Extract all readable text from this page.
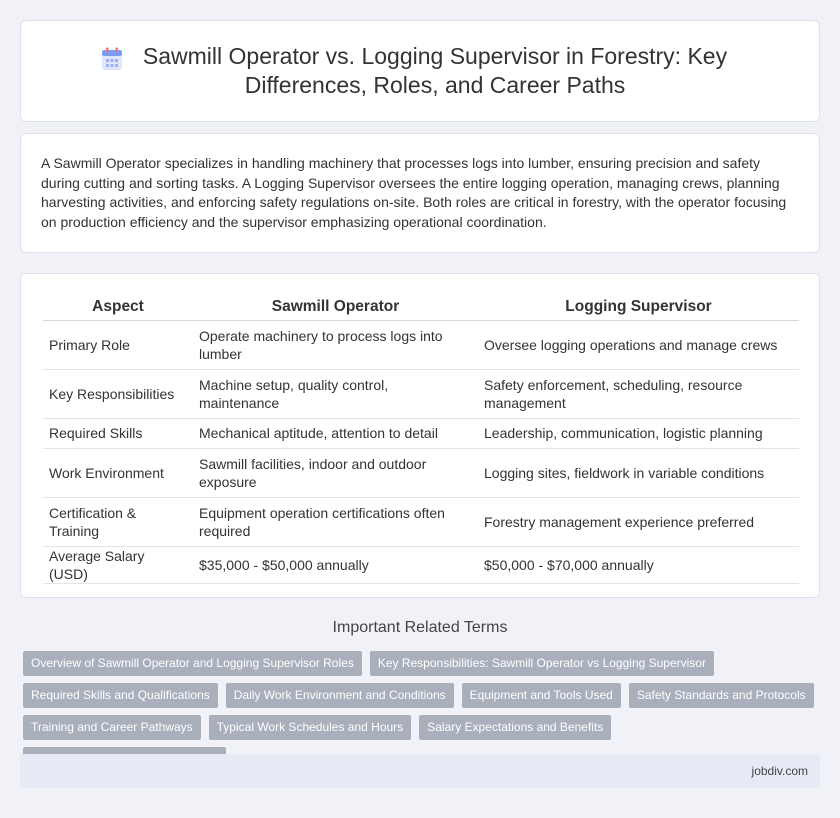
Sawmill Operator vs. Logging Supervisor in Forestry: Key Differences, Roles, and Career Paths

A Sawmill Operator specializes in handling machinery that processes logs into lumber, ensuring precision and safety during cutting and sorting tasks. A Logging Supervisor oversees the entire logging operation, managing crews, planning harvesting activities, and enforcing safety regulations on-site. Both roles are critical in forestry, with the operator focusing on production efficiency and the supervisor emphasizing operational coordination.

Aspect	Sawmill Operator	Logging Supervisor
Primary Role	Operate machinery to process logs into lumber	Oversee logging operations and manage crews
Key Responsibilities	Machine setup, quality control, maintenance	Safety enforcement, scheduling, resource management
Required Skills	Mechanical aptitude, attention to detail	Leadership, communication, logistic planning
Work Environment	Sawmill facilities, indoor and outdoor exposure	Logging sites, fieldwork in variable conditions
Certification & Training	Equipment operation certifications often required	Forestry management experience preferred
Average Salary (USD)	$35,000 - $50,000 annually	$50,000 - $70,000 annually
Important Related Terms
Overview of Sawmill Operator and Logging Supervisor Roles	Key Responsibilities: Sawmill Operator vs Logging Supervisor
Required Skills and Qualifications	Daily Work Environment and Conditions	Equipment and Tools Used	Safety Standards and Protocols
Training and Career Pathways	Typical Work Schedules and Hours	Salary Expectations and Benefits
jobdiv.com
